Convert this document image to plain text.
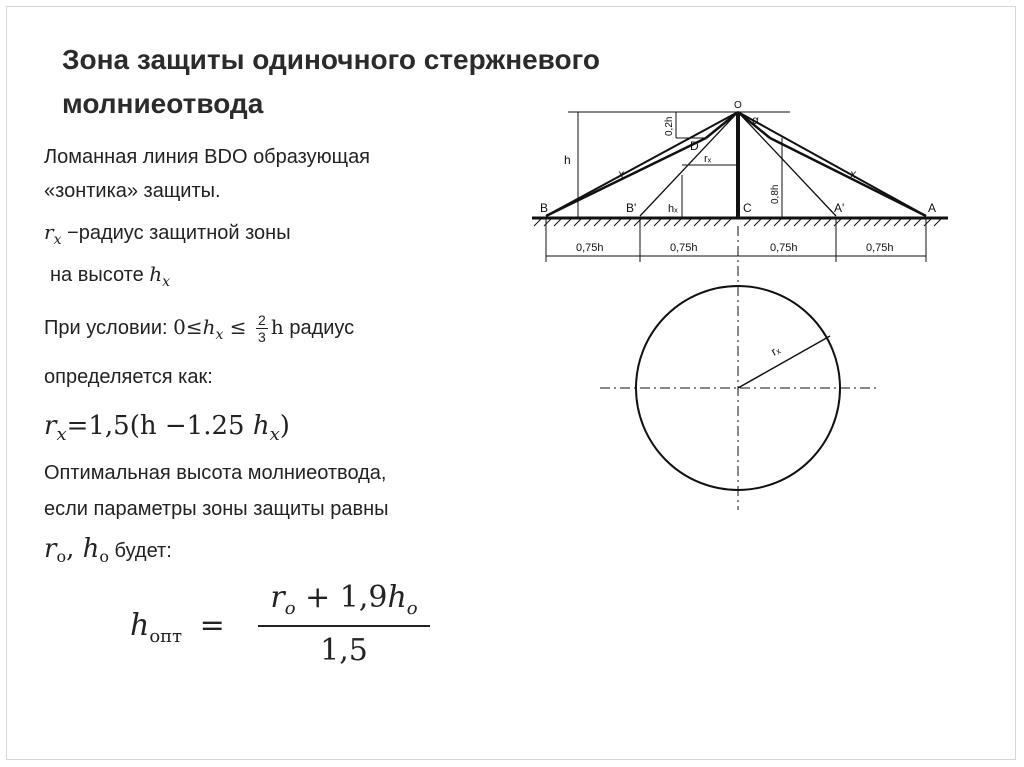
Зона защиты одиночного стержневого
молниеотвода
Ломанная линия BDO образующая
«зонтика» защиты.
$r_x$ −радиус защитной зоны
на высоте $h_x$
При условии: $0\le h_x \le \frac{2}{3}$ h радиус
определяется как:
$r_x=1,5(h -1.25$ $h_x$)
Оптимальная высота молниеотвода,
если параметры зоны защиты равны
$r_o$, $h_o$ будет:
$h_{опт}$ =
$r_o + 1,9h_o$
1,5
B	B'	C	A'	A
D
O
α
h
x	x
rₓ
hₓ
0,2h
0,8h
0,75h	0,75h	0,75h	0,75h
rₓ
